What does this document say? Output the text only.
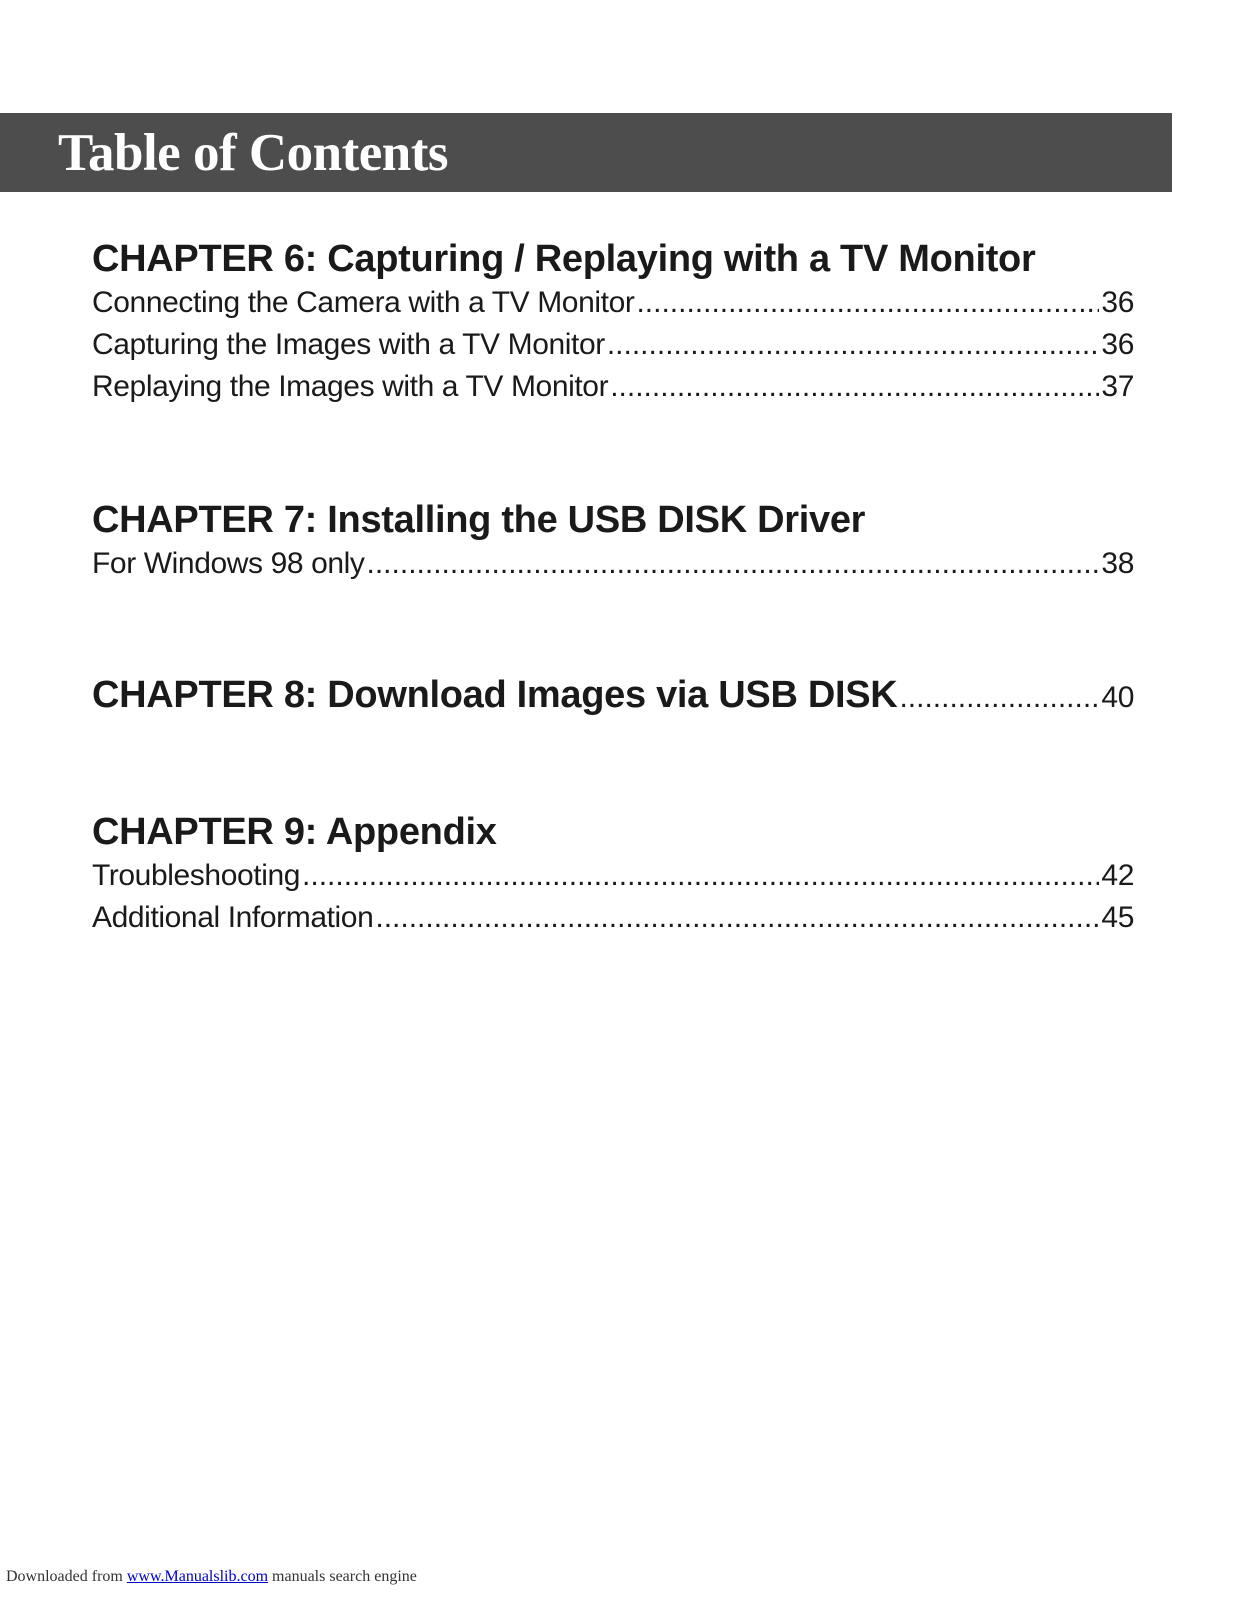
Table of Contents
CHAPTER 6: Capturing / Replaying with a TV Monitor
Connecting the Camera with a TV Monitor .....	36
Capturing the Images with a TV Monitor .....	36
Replaying the Images with a TV Monitor .....	37
CHAPTER 7: Installing the USB DISK Driver
For Windows 98 only .....	38
CHAPTER 8: Download Images via USB DISK .....	40
CHAPTER 9: Appendix
Troubleshooting .....	42
Additional Information .....	45
Downloaded from www.Manualslib.com manuals search engine
